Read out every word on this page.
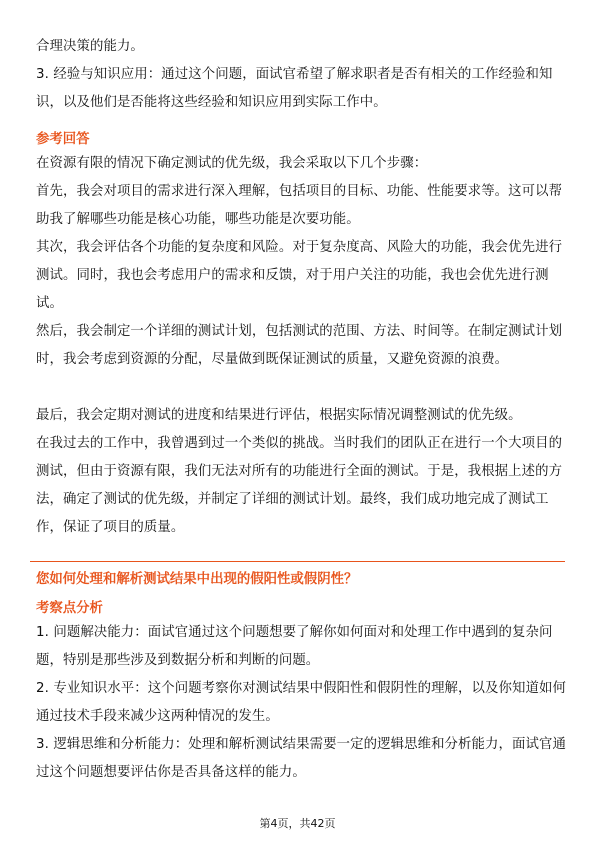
合理决策的能力。

3. 经验与知识应用：通过这个问题，面试官希望了解求职者是否有相关的工作经验和知识，以及他们是否能将这些经验和知识应用到实际工作中。

参考回答

在资源有限的情况下确定测试的优先级，我会采取以下几个步骤：

首先，我会对项目的需求进行深入理解，包括项目的目标、功能、性能要求等。这可以帮助我了解哪些功能是核心功能，哪些功能是次要功能。

其次，我会评估各个功能的复杂度和风险。对于复杂度高、风险大的功能，我会优先进行测试。同时，我也会考虑用户的需求和反馈，对于用户关注的功能，我也会优先进行测试。

然后，我会制定一个详细的测试计划，包括测试的范围、方法、时间等。在制定测试计划时，我会考虑到资源的分配，尽量做到既保证测试的质量，又避免资源的浪费。

最后，我会定期对测试的进度和结果进行评估，根据实际情况调整测试的优先级。

在我过去的工作中，我曾遇到过一个类似的挑战。当时我们的团队正在进行一个大项目的测试，但由于资源有限，我们无法对所有的功能进行全面的测试。于是，我根据上述的方法，确定了测试的优先级，并制定了详细的测试计划。最终，我们成功地完成了测试工作，保证了项目的质量。

您如何处理和解析测试结果中出现的假阳性或假阴性？

考察点分析

1. 问题解决能力：面试官通过这个问题想要了解你如何面对和处理工作中遇到的复杂问题，特别是那些涉及到数据分析和判断的问题。

2. 专业知识水平：这个问题考察你对测试结果中假阳性和假阴性的理解，以及你知道如何通过技术手段来减少这两种情况的发生。

3. 逻辑思维和分析能力：处理和解析测试结果需要一定的逻辑思维和分析能力，面试官通过这个问题想要评估你是否具备这样的能力。

第4页，共42页
